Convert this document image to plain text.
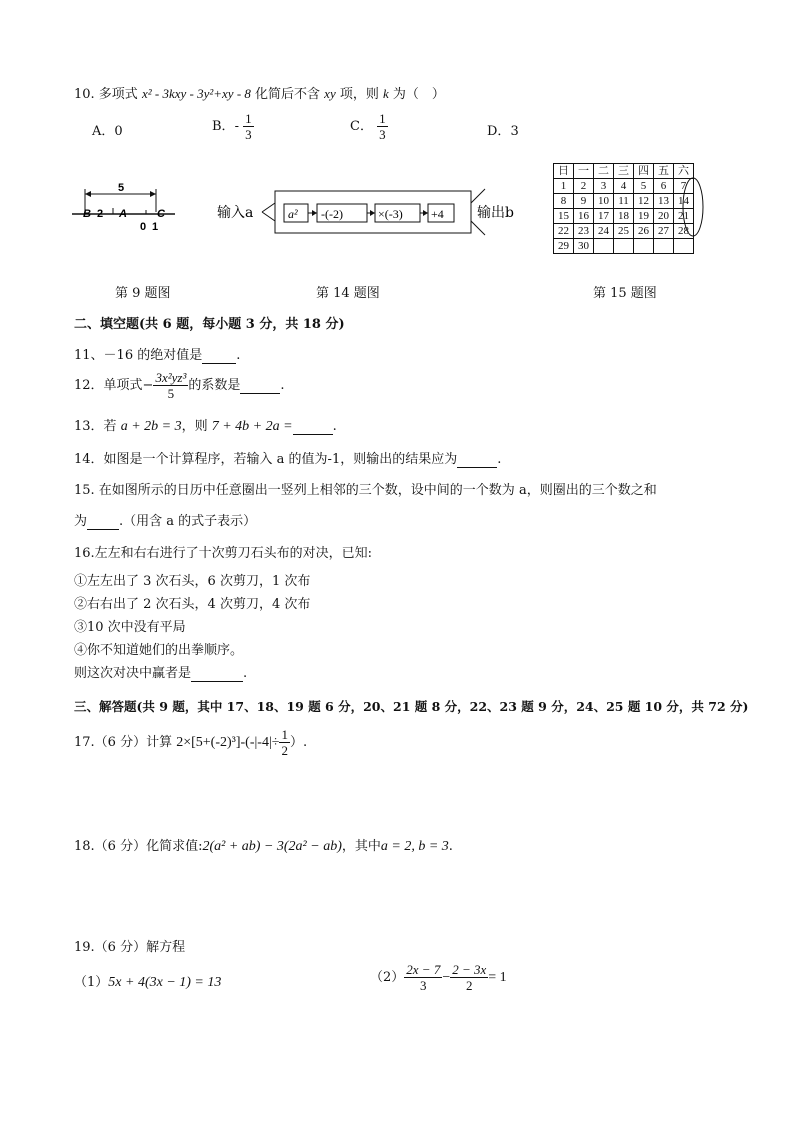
10. 多项式 x² - 3kxy - 3y²+xy - 8 化简后不含 xy 项，则 k 为（　）
A．0	B．- $\frac{1}{3}$	C． $\frac{1}{3}$	D．3
5
B 2 A	C
0 1
输入a	a² -(-2)	×(-3) +4 输出b
日	一	二	三	四	五	六
1	2	3	4	5	6	7
8	9	10	11	12	13	14
15	16	17	18	19	20	21
22	23	24	25	26	27	28
29	30					
第 9 题图	第 14 题图	第 15 题图
二、填空题(共 6 题，每小题 3 分，共 18 分)
11、－16 的绝对值是	.
12．单项式− $\frac{\text{3x²yz³}}{5}$ 的系数是	.
13．若 a + 2b = 3，则 7 + 4b + 2a =	.
14．如图是一个计算程序，若输入 a 的值为-1，则输出的结果应为	.
15. 在如图所示的日历中任意圈出一竖列上相邻的三个数，设中间的一个数为 a，则圈出的三个数之和
为 .（用含 a 的式子表示）
16.左左和右右进行了十次剪刀石头布的对决，已知:
①左左出了 3 次石头，6 次剪刀，1 次布
②右右出了 2 次石头，4 次剪刀，4 次布
③10 次中没有平局
④你不知道她们的出拳顺序。
则这次对决中赢者是	.
三、解答题(共 9 题，其中 17、18、19 题 6 分，20、21 题 8 分，22、23 题 9 分，24、25 题 10 分，共 72 分)
17.（6 分）计算 $2\times[5+(-2)^3]-(-|-4|\div \frac{1}{2}$ ）.
18.（6 分）化简求值:2(a² + ab) − 3(2a² − ab)，其中a = 2, b = 3.
19.（6 分）解方程
（1）5x + 4(3x − 1) = 13	$(2) \frac{2x - 7}{3} - \frac{2 - 3x}{2} = 1$
